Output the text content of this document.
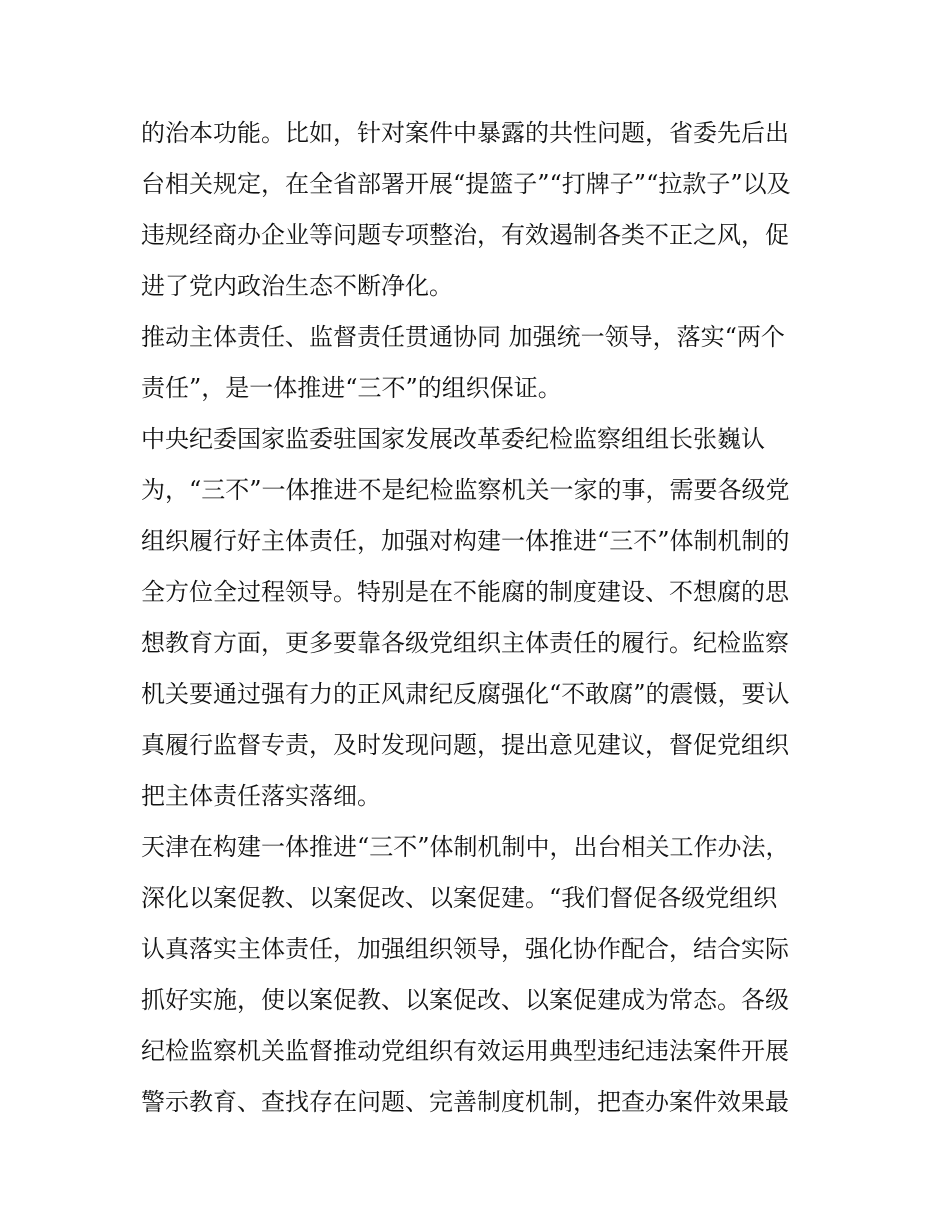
的治本功能。比如，针对案件中暴露的共性问题，省委先后出
台相关规定，在全省部署开展“提篮子”“打牌子”“拉款子”以及
违规经商办企业等问题专项整治，有效遏制各类不正之风，促
进了党内政治生态不断净化。
推动主体责任、监督责任贯通协同 加强统一领导，落实“两个
责任”，是一体推进“三不”的组织保证。
中央纪委国家监委驻国家发展改革委纪检监察组组长张巍认
为，“三不”一体推进不是纪检监察机关一家的事，需要各级党
组织履行好主体责任，加强对构建一体推进“三不”体制机制的
全方位全过程领导。特别是在不能腐的制度建设、不想腐的思
想教育方面，更多要靠各级党组织主体责任的履行。纪检监察
机关要通过强有力的正风肃纪反腐强化“不敢腐”的震慑，要认
真履行监督专责，及时发现问题，提出意见建议，督促党组织
把主体责任落实落细。
天津在构建一体推进“三不”体制机制中，出台相关工作办法，
深化以案促教、以案促改、以案促建。“我们督促各级党组织
认真落实主体责任，加强组织领导，强化协作配合，结合实际
抓好实施，使以案促教、以案促改、以案促建成为常态。各级
纪检监察机关监督推动党组织有效运用典型违纪违法案件开展
警示教育、查找存在问题、完善制度机制，把查办案件效果最
